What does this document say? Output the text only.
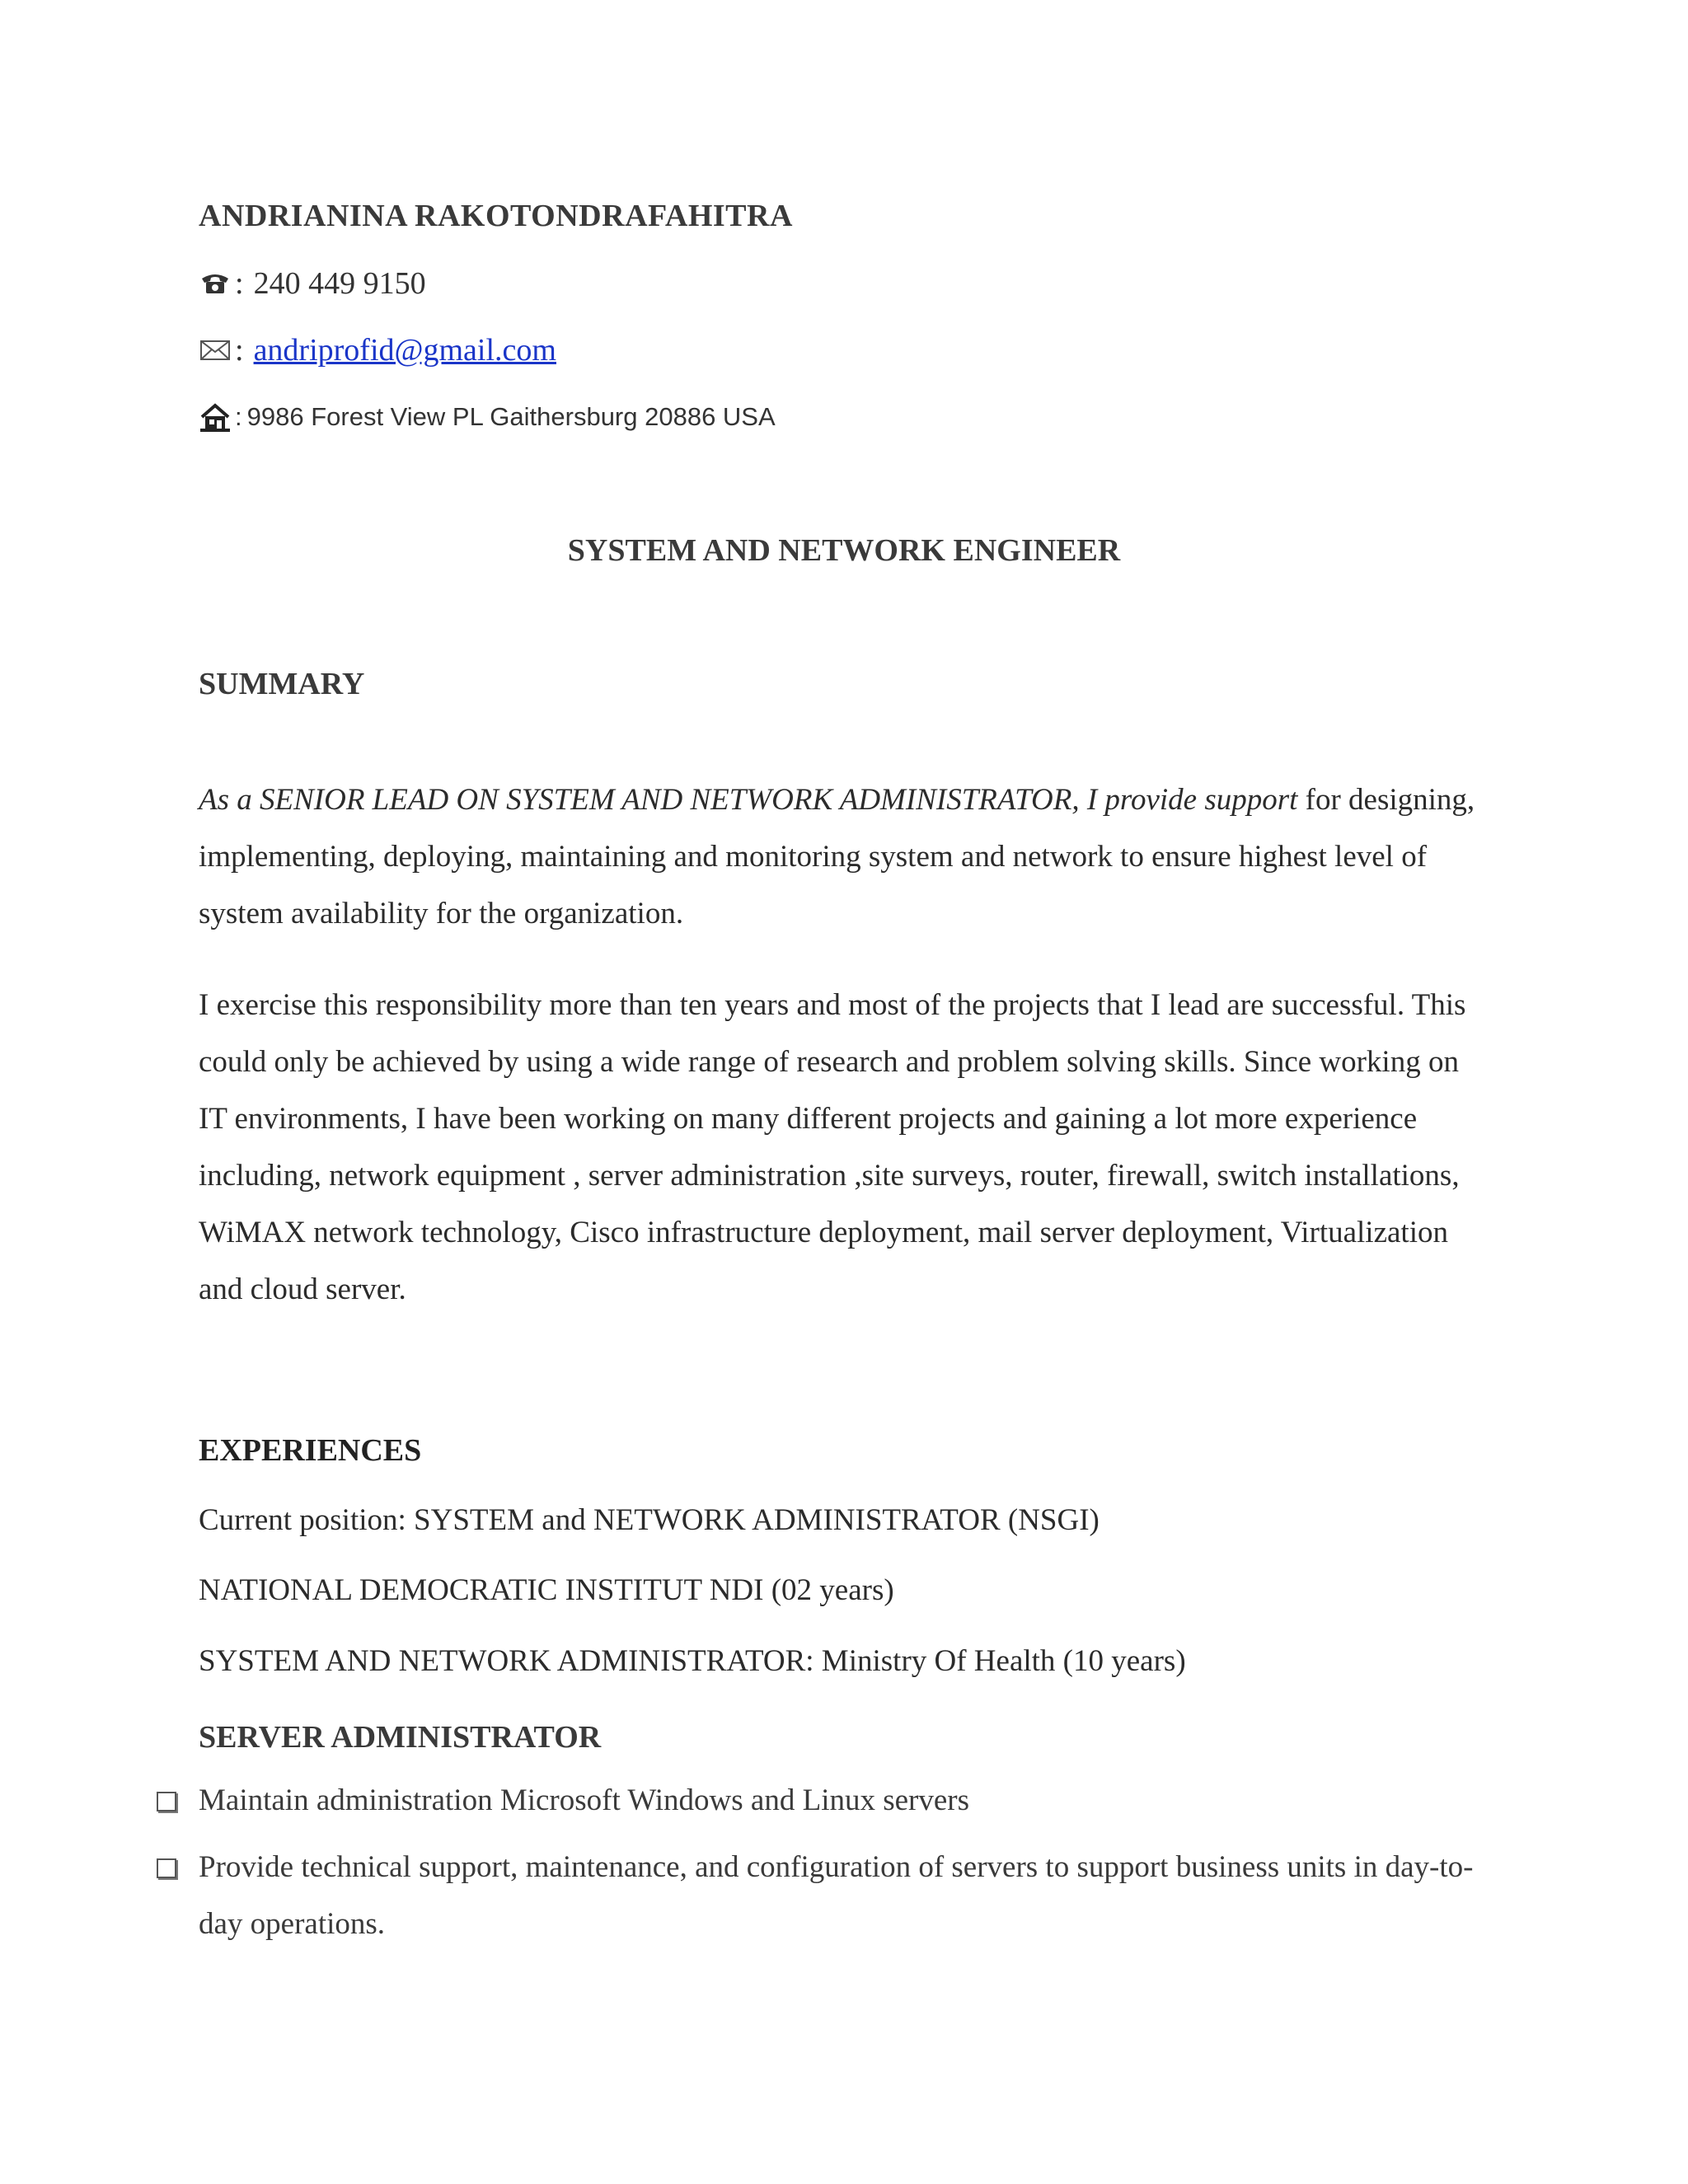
ANDRIANINA RAKOTONDRAFAHITRA
: 240 449 9150
: andriprofid@gmail.com
: 9986 Forest View PL Gaithersburg 20886 USA
SYSTEM AND NETWORK ENGINEER
SUMMARY

As a SENIOR LEAD ON SYSTEM AND NETWORK ADMINISTRATOR, I provide support for designing, implementing, deploying, maintaining and monitoring system and network to ensure highest level of system availability for the organization.

I exercise this responsibility more than ten years and most of the projects that I lead are successful. This could only be achieved by using a wide range of research and problem solving skills. Since working on IT environments, I have been working on many different projects and gaining a lot more experience including, network equipment , server administration ,site surveys, router, firewall, switch installations, WiMAX network technology, Cisco infrastructure deployment, mail server deployment, Virtualization and cloud server.

EXPERIENCES
Current position: SYSTEM and NETWORK ADMINISTRATOR (NSGI)
NATIONAL DEMOCRATIC INSTITUT NDI (02 years)
SYSTEM AND NETWORK ADMINISTRATOR: Ministry Of Health (10 years)
SERVER ADMINISTRATOR
Maintain administration Microsoft Windows and Linux servers
Provide technical support, maintenance, and configuration of servers to support business units in day-to-day operations.
